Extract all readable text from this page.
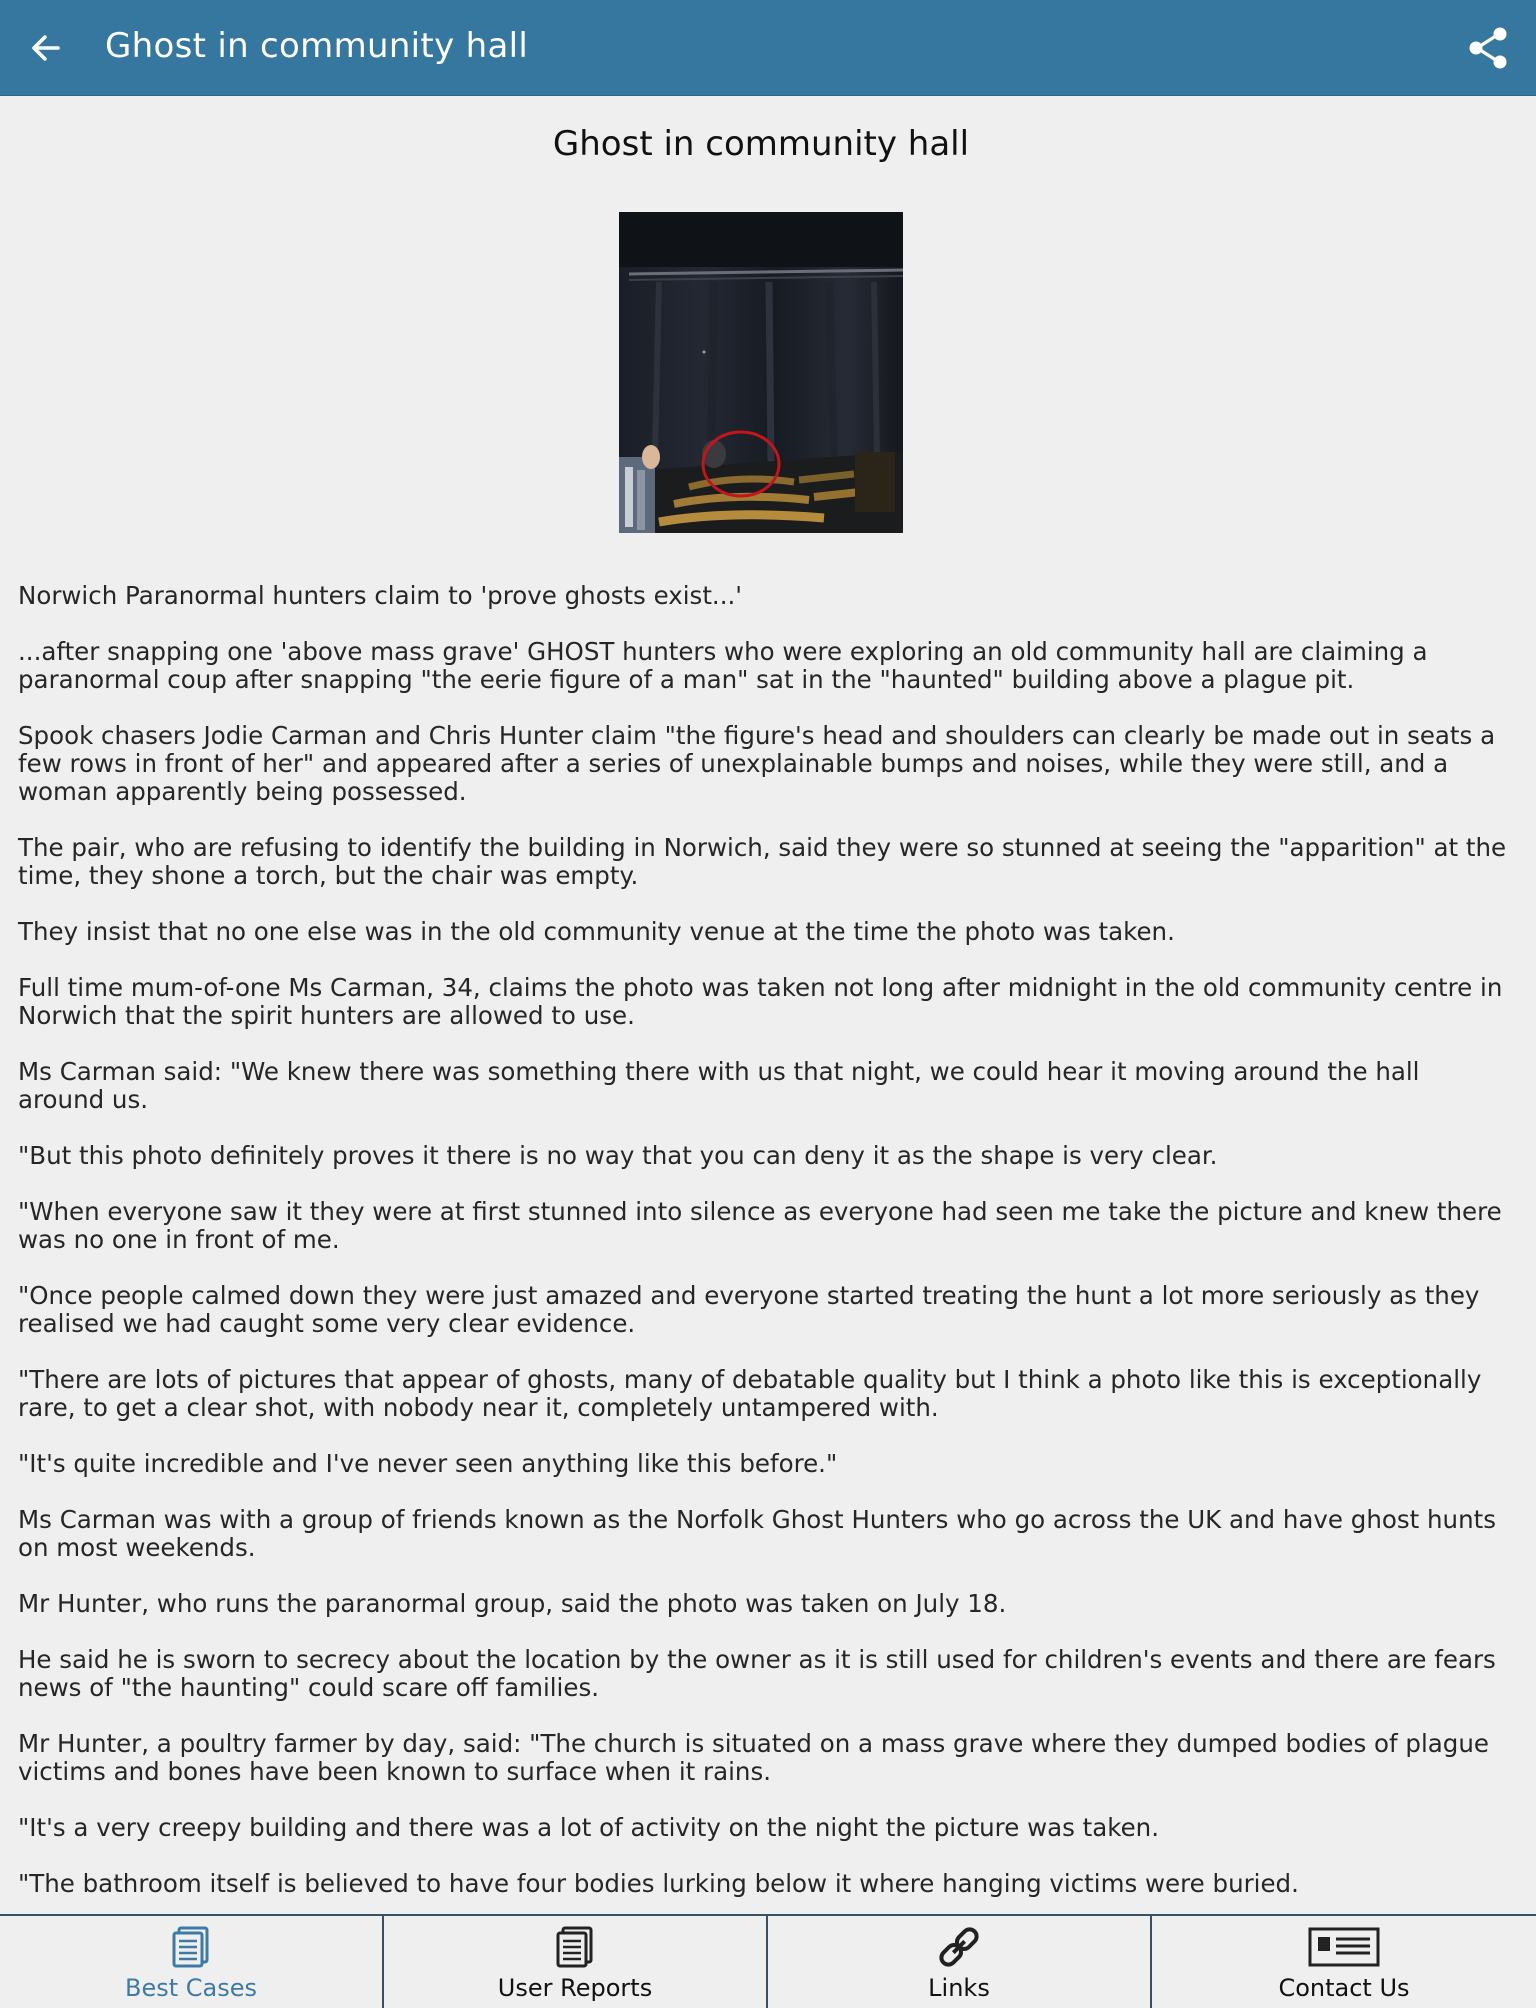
Ghost in community hall
Ghost in community hall

Norwich Paranormal hunters claim to 'prove ghosts exist...'

...after snapping one 'above mass grave' GHOST hunters who were exploring an old community hall are claiming a paranormal coup after snapping "the eerie figure of a man" sat in the "haunted" building above a plague pit.

Spook chasers Jodie Carman and Chris Hunter claim "the figure's head and shoulders can clearly be made out in seats a few rows in front of her" and appeared after a series of unexplainable bumps and noises, while they were still, and a woman apparently being possessed.

The pair, who are refusing to identify the building in Norwich, said they were so stunned at seeing the "apparition" at the time, they shone a torch, but the chair was empty.

They insist that no one else was in the old community venue at the time the photo was taken.

Full time mum-of-one Ms Carman, 34, claims the photo was taken not long after midnight in the old community centre in Norwich that the spirit hunters are allowed to use.

Ms Carman said: "We knew there was something there with us that night, we could hear it moving around the hall around us.

"But this photo definitely proves it there is no way that you can deny it as the shape is very clear.

"When everyone saw it they were at first stunned into silence as everyone had seen me take the picture and knew there was no one in front of me.

"Once people calmed down they were just amazed and everyone started treating the hunt a lot more seriously as they realised we had caught some very clear evidence.

"There are lots of pictures that appear of ghosts, many of debatable quality but I think a photo like this is exceptionally rare, to get a clear shot, with nobody near it, completely untampered with.

"It's quite incredible and I've never seen anything like this before."

Ms Carman was with a group of friends known as the Norfolk Ghost Hunters who go across the UK and have ghost hunts on most weekends.

Mr Hunter, who runs the paranormal group, said the photo was taken on July 18.

He said he is sworn to secrecy about the location by the owner as it is still used for children's events and there are fears news of "the haunting" could scare off families.

Mr Hunter, a poultry farmer by day, said: "The church is situated on a mass grave where they dumped bodies of plague victims and bones have been known to surface when it rains.

"It's a very creepy building and there was a lot of activity on the night the picture was taken.

"The bathroom itself is believed to have four bodies lurking below it where hanging victims were buried.

Best Cases	User Reports	Links	Contact Us
